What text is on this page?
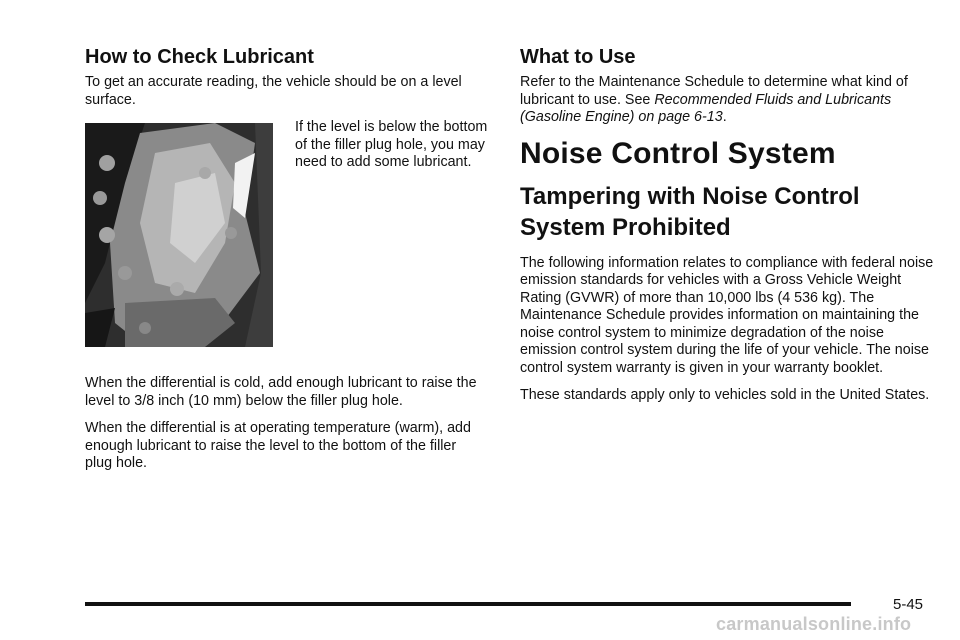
How to Check Lubricant

To get an accurate reading, the vehicle should be on a level surface.

If the level is below the bottom of the filler plug hole, you may need to add some lubricant.

When the differential is cold, add enough lubricant to raise the level to 3/8 inch (10 mm) below the filler plug hole.

When the differential is at operating temperature (warm), add enough lubricant to raise the level to the bottom of the filler plug hole.

What to Use

Refer to the Maintenance Schedule to determine what kind of lubricant to use. See Recommended Fluids and Lubricants (Gasoline Engine) on page 6-13.

Noise Control System
Tampering with Noise Control System Prohibited

The following information relates to compliance with federal noise emission standards for vehicles with a Gross Vehicle Weight Rating (GVWR) of more than 10,000 lbs (4 536 kg). The Maintenance Schedule provides information on maintaining the noise control system to minimize degradation of the noise emission control system during the life of your vehicle. The noise control system warranty is given in your warranty booklet.

These standards apply only to vehicles sold in the United States.

5-45
carmanualsonline.info
